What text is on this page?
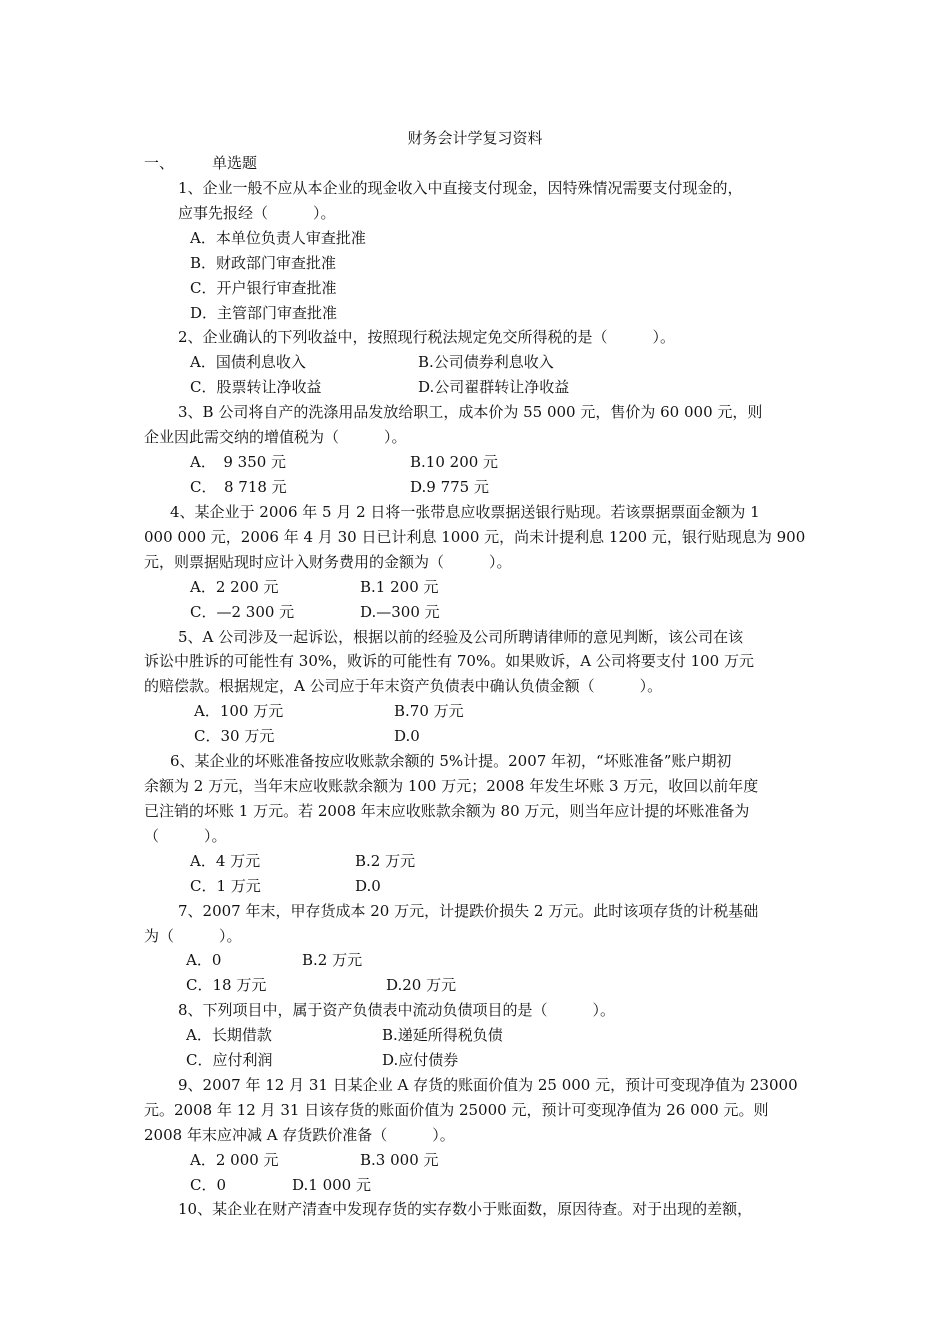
财务会计学复习资料
一、	单选题
1、企业一般不应从本企业的现金收入中直接支付现金，因特殊情况需要支付现金的，
应事先报经（　　　）。
A．本单位负责人审查批准
B．财政部门审查批准
C．开户银行审查批准
D．主管部门审查批准
2、企业确认的下列收益中，按照现行税法规定免交所得税的是（　　　）。
A．国债利息收入	B.公司债券利息收入
C．股票转让净收益	D.公司翟群转让净收益
3、B 公司将自产的洗涤用品发放给职工，成本价为 55 000 元，售价为 60 000 元，则
企业因此需交纳的增值税为（　　　）。
A．　9 350 元	B.10 200 元
C．　8 718 元	D.9 775 元
4、某企业于 2006 年 5 月 2 日将一张带息应收票据送银行贴现。若该票据票面金额为 1
000 000 元，2006 年 4 月 30 日已计利息 1000 元，尚未计提利息 1200 元，银行贴现息为 900
元，则票据贴现时应计入财务费用的金额为（　　　）。
A．2 200 元	B.1 200 元
C．—2 300 元	D.—300 元
5、A 公司涉及一起诉讼，根据以前的经验及公司所聘请律师的意见判断，该公司在该
诉讼中胜诉的可能性有 30%，败诉的可能性有 70%。如果败诉，A 公司将要支付 100 万元
的赔偿款。根据规定，A 公司应于年末资产负债表中确认负债金额（　　　）。
A．100 万元	B.70 万元
C．30 万元	D.0
6、某企业的坏账准备按应收账款余额的 5%计提。2007 年初，“坏账准备”账户期初
余额为 2 万元，当年末应收账款余额为 100 万元；2008 年发生坏账 3 万元，收回以前年度
已注销的坏账 1 万元。若 2008 年末应收账款余额为 80 万元，则当年应计提的坏账准备为
（　　　）。
A．4 万元	B.2 万元
C．1 万元	D.0
7、2007 年末，甲存货成本 20 万元，计提跌价损失 2 万元。此时该项存货的计税基础
为（　　　）。
A．0	B.2 万元
C．18 万元	D.20 万元
8、下列项目中，属于资产负债表中流动负债项目的是（　　　）。
A．长期借款	B.递延所得税负债
C．应付利润	D.应付债券
9、2007 年 12 月 31 日某企业 A 存货的账面价值为 25 000 元，预计可变现净值为 23000
元。2008 年 12 月 31 日该存货的账面价值为 25000 元，预计可变现净值为 26 000 元。则
2008 年末应冲减 A 存货跌价准备（　　　）。
A．2 000 元	B.3 000 元
C．0	D.1 000 元
10、某企业在财产清查中发现存货的实存数小于账面数，原因待查。对于出现的差额，
